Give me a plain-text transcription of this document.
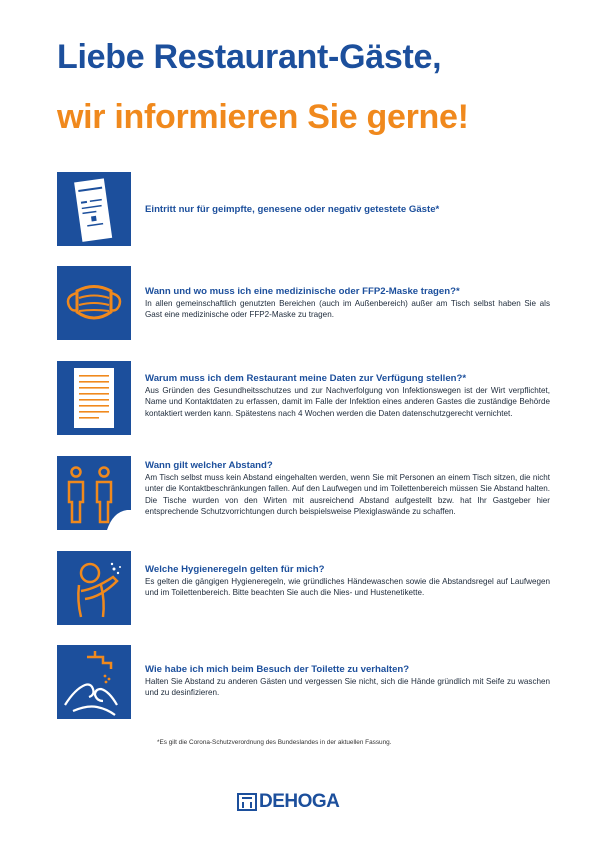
Liebe Restaurant-Gäste,
wir informieren Sie gerne!
Eintritt nur für geimpfte, genesene oder negativ getestete Gäste*
Wann und wo muss ich eine medizinische oder FFP2-Maske tragen?*
In allen gemeinschaftlich genutzten Bereichen (auch im Außenbereich) außer am Tisch selbst haben Sie als Gast eine medizinische oder FFP2-Maske zu tragen.
Warum muss ich dem Restaurant meine Daten zur Verfügung stellen?*
Aus Gründen des Gesundheitsschutzes und zur Nachverfolgung von Infektionswegen ist der Wirt verpflichtet, Name und Kontaktdaten zu erfassen, damit im Falle der Infektion eines anderen Gastes die zuständige Behörde kontaktiert werden kann. Spätestens nach 4 Wochen werden die Daten datenschutzgerecht vernichtet.
Wann gilt welcher Abstand?
Am Tisch selbst muss kein Abstand eingehalten werden, wenn Sie mit Personen an einem Tisch sitzen, die nicht unter die Kontaktbeschränkungen fallen. Auf den Laufwegen und im Toilettenbereich müssen Sie Abstand halten. Die Tische wurden von den Wirten mit ausreichend Abstand aufgestellt bzw. hat Ihr Gastgeber hier entsprechende Schutzvorrichtungen durch beispielsweise Plexiglaswände zu schaffen.
Welche Hygieneregeln gelten für mich?
Es gelten die gängigen Hygieneregeln, wie gründliches Händewaschen sowie die Abstandsregel auf Laufwegen und im Toilettenbereich. Bitte beachten Sie auch die Nies- und Hustenetikette.
Wie habe ich mich beim Besuch der Toilette zu verhalten?
Halten Sie Abstand zu anderen Gästen und vergessen Sie nicht, sich die Hände gründlich mit Seife zu waschen und zu desinfizieren.
*Es gilt die Corona-Schutzverordnung des Bundeslandes in der aktuellen Fassung.
DEHOGA
